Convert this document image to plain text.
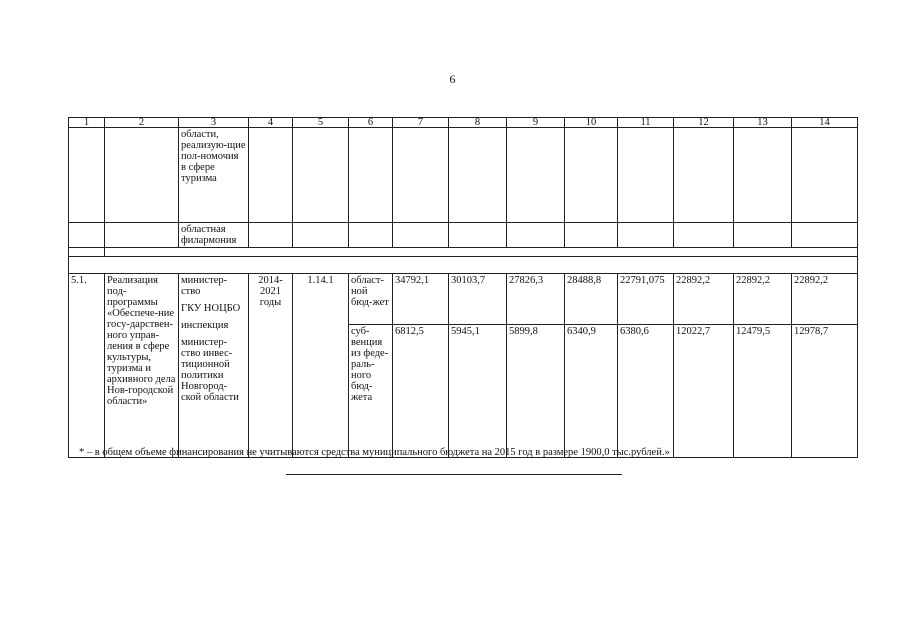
6
1	2	3	4	5	6	7	8	9	10	11	12	13	14
		области, реализую-щие пол-номочия в сфере туризма											
		областная филармония											

5.1.	Реализация под-программы «Обеспече-ние госу-дарствен-ного управ-ления в сфере культуры, туризма и архивного дела Нов-городской области»	министер-ство
ГКУ НОЦБО
инспекция
министер-ство инвес-тиционной политики Новгород-ской области	2014-2021 годы	1.14.1	област-ной бюд-жет	34792,1	30103,7	27826,3	28488,8	22791,075	22892,2	22892,2	22892,2
					суб-венция из феде-раль-ного бюд-жета	6812,5	5945,1	5899,8	6340,9	6380,6	12022,7	12479,5	12978,7
* – в общем объеме финансирования не учитываются средства муниципального бюджета на 2015 год в размере 1900,0 тыс.рублей.»
